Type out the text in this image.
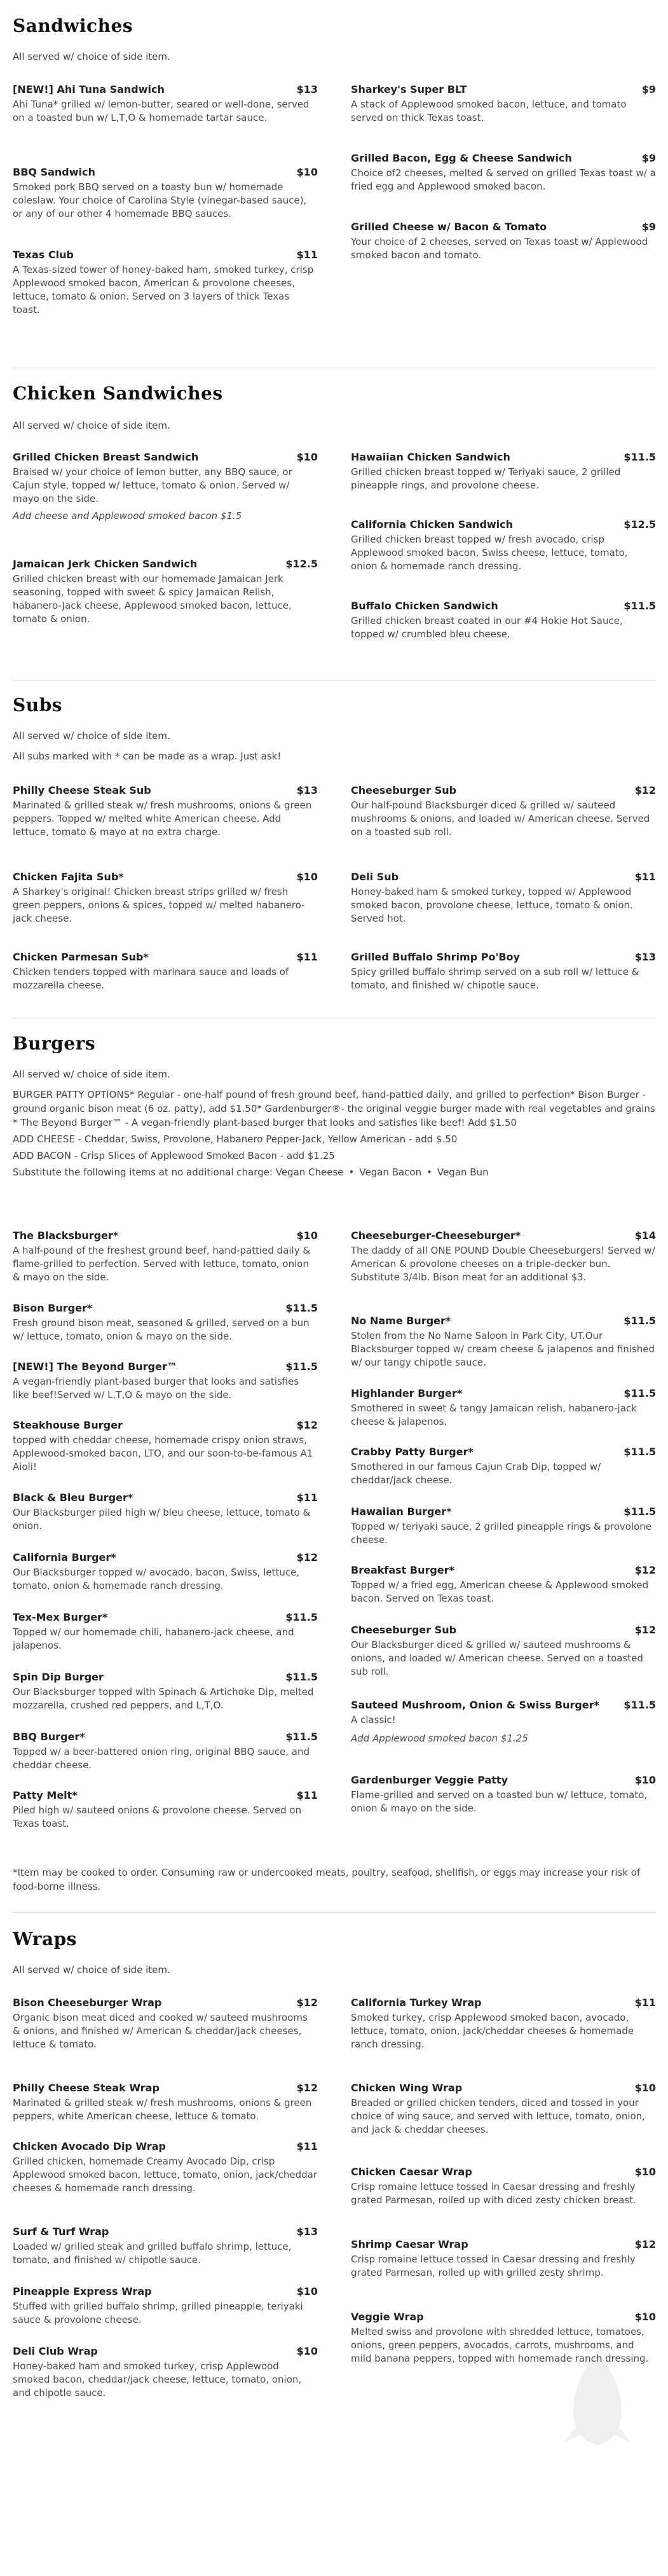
Sandwiches

All served w/ choice of side item.

[NEW!] Ahi Tuna Sandwich	$13

Ahi Tuna* grilled w/ lemon-butter, seared or well-done, served on a toasted bun w/ L,T,O & homemade tartar sauce.

BBQ Sandwich	$10

Smoked pork BBQ served on a toasty bun w/ homemade coleslaw. Your choice of Carolina Style (vinegar-based sauce), or any of our other 4 homemade BBQ sauces.

Texas Club	$11

A Texas-sized tower of honey-baked ham, smoked turkey, crisp Applewood smoked bacon, American & provolone cheeses, lettuce, tomato & onion. Served on 3 layers of thick Texas toast.

Sharkey's Super BLT	$9

A stack of Applewood smoked bacon, lettuce, and tomato served on thick Texas toast.

Grilled Bacon, Egg & Cheese Sandwich	$9

Choice of2 cheeses, melted & served on grilled Texas toast w/ a fried egg and Applewood smoked bacon.

Grilled Cheese w/ Bacon & Tomato	$9

Your choice of 2 cheeses, served on Texas toast w/ Applewood smoked bacon and tomato.

Chicken Sandwiches

All served w/ choice of side item.

Grilled Chicken Breast Sandwich	$10

Braised w/ your choice of lemon butter, any BBQ sauce, or Cajun style, topped w/ lettuce, tomato & onion. Served w/ mayo on the side.

Add cheese and Applewood smoked bacon $1.5

Jamaican Jerk Chicken Sandwich	$12.5

Grilled chicken breast with our homemade Jamaican Jerk seasoning, topped with sweet & spicy Jamaican Relish, habanero-Jack cheese, Applewood smoked bacon, lettuce, tomato & onion.

Hawaiian Chicken Sandwich	$11.5

Grilled chicken breast topped w/ Teriyaki sauce, 2 grilled pineapple rings, and provolone cheese.

California Chicken Sandwich	$12.5

Grilled chicken breast topped w/ fresh avocado, crisp Applewood smoked bacon, Swiss cheese, lettuce, tomato, onion & homemade ranch dressing.

Buffalo Chicken Sandwich	$11.5

Grilled chicken breast coated in our #4 Hokie Hot Sauce, topped w/ crumbled bleu cheese.

Subs

All served w/ choice of side item.

All subs marked with * can be made as a wrap. Just ask!

Philly Cheese Steak Sub	$13

Marinated & grilled steak w/ fresh mushrooms, onions & green peppers. Topped w/ melted white American cheese. Add lettuce, tomato & mayo at no extra charge.

Chicken Fajita Sub*	$10

A Sharkey's original! Chicken breast strips grilled w/ fresh green peppers, onions & spices, topped w/ melted habanero-jack cheese.

Chicken Parmesan Sub*	$11

Chicken tenders topped with marinara sauce and loads of mozzarella cheese.

Cheeseburger Sub	$12

Our half-pound Blacksburger diced & grilled w/ sauteed mushrooms & onions, and loaded w/ American cheese. Served on a toasted sub roll.

Deli Sub	$11

Honey-baked ham & smoked turkey, topped w/ Applewood smoked bacon, provolone cheese, lettuce, tomato & onion. Served hot.

Grilled Buffalo Shrimp Po'Boy	$13

Spicy grilled buffalo shrimp served on a sub roll w/ lettuce & tomato, and finished w/ chipotle sauce.

Burgers

All served w/ choice of side item.

BURGER PATTY OPTIONS* Regular - one-half pound of fresh ground beef, hand-pattied daily, and grilled to perfection* Bison Burger - ground organic bison meat (6 oz. patty), add $1.50* Gardenburger®- the original veggie burger made with real vegetables and grains * The Beyond Burger™ - A vegan-friendly plant-based burger that looks and satisfies like beef! Add $1.50

ADD CHEESE - Cheddar, Swiss, Provolone, Habanero Pepper-Jack, Yellow American - add $.50

ADD BACON - Crisp Slices of Applewood Smoked Bacon - add $1.25

Substitute the following items at no additional charge: Vegan Cheese • Vegan Bacon • Vegan Bun
The Blacksburger*	$10

A half-pound of the freshest ground beef, hand-pattied daily & flame-grilled to perfection. Served with lettuce, tomato, onion & mayo on the side.

Bison Burger*	$11.5

Fresh ground bison meat, seasoned & grilled, served on a bun w/ lettuce, tomato, onion & mayo on the side.

[NEW!] The Beyond Burger™	$11.5

A vegan-friendly plant-based burger that looks and satisfies like beef!Served w/ L,T,O & mayo on the side.

Steakhouse Burger	$12

topped with cheddar cheese, homemade crispy onion straws, Applewood-smoked bacon, LTO, and our soon-to-be-famous A1 Aioli!

Black & Bleu Burger*	$11

Our Blacksburger piled high w/ bleu cheese, lettuce, tomato & onion.

California Burger*	$12

Our Blacksburger topped w/ avocado, bacon, Swiss, lettuce, tomato, onion & homemade ranch dressing.

Tex-Mex Burger*	$11.5

Topped w/ our homemade chili, habanero-jack cheese, and jalapenos.

Spin Dip Burger	$11.5

Our Blacksburger topped with Spinach & Artichoke Dip, melted mozzarella, crushed red peppers, and L,T,O.

BBQ Burger*	$11.5

Topped w/ a beer-battered onion ring, original BBQ sauce, and cheddar cheese.

Patty Melt*	$11

Piled high w/ sauteed onions & provolone cheese. Served on Texas toast.

Cheeseburger-Cheeseburger*	$14

The daddy of all ONE POUND Double Cheeseburgers! Served w/ American & provolone cheeses on a triple-decker bun. Substitute 3/4lb. Bison meat for an additional $3.

No Name Burger*	$11.5

Stolen from the No Name Saloon in Park City, UT.Our Blacksburger topped w/ cream cheese & jalapenos and finished w/ our tangy chipotle sauce.

Highlander Burger*	$11.5

Smothered in sweet & tangy Jamaican relish, habanero-jack cheese & jalapenos.

Crabby Patty Burger*	$11.5

Smothered in our famous Cajun Crab Dip, topped w/ cheddar/jack cheese.

Hawaiian Burger*	$11.5

Topped w/ teriyaki sauce, 2 grilled pineapple rings & provolone cheese.

Breakfast Burger*	$12

Topped w/ a fried egg, American cheese & Applewood smoked bacon. Served on Texas toast.

Cheeseburger Sub	$12

Our Blacksburger diced & grilled w/ sauteed mushrooms & onions, and loaded w/ American cheese. Served on a toasted sub roll.

Sauteed Mushroom, Onion & Swiss Burger* $11.5

A classic!

Add Applewood smoked bacon $1.25

Gardenburger Veggie Patty	$10

Flame-grilled and served on a toasted bun w/ lettuce, tomato, onion & mayo on the side.

*Item may be cooked to order. Consuming raw or undercooked meats, poultry, seafood, shellfish, or eggs may increase your risk of food-borne illness.

Wraps

All served w/ choice of side item.

Bison Cheeseburger Wrap	$12

Organic bison meat diced and cooked w/ sauteed mushrooms & onions, and finished w/ American & cheddar/jack cheeses, lettuce & tomato.

Philly Cheese Steak Wrap	$12

Marinated & grilled steak w/ fresh mushrooms, onions & green peppers, white American cheese, lettuce & tomato.

Chicken Avocado Dip Wrap	$11

Grilled chicken, homemade Creamy Avocado Dip, crisp Applewood smoked bacon, lettuce, tomato, onion, jack/cheddar cheeses & homemade ranch dressing.

Surf & Turf Wrap	$13

Loaded w/ grilled steak and grilled buffalo shrimp, lettuce, tomato, and finished w/ chipotle sauce.

Pineapple Express Wrap	$10

Stuffed with grilled buffalo shrimp, grilled pineapple, teriyaki sauce & provolone cheese.

Deli Club Wrap	$10

Honey-baked ham and smoked turkey, crisp Applewood smoked bacon, cheddar/jack cheese, lettuce, tomato, onion, and chipotle sauce.

California Turkey Wrap	$11

Smoked turkey, crisp Applewood smoked bacon, avocado, lettuce, tomato, onion, jack/cheddar cheeses & homemade ranch dressing.

Chicken Wing Wrap	$10

Breaded or grilled chicken tenders, diced and tossed in your choice of wing sauce, and served with lettuce, tomato, onion, and jack & cheddar cheeses.

Chicken Caesar Wrap	$10

Crisp romaine lettuce tossed in Caesar dressing and freshly grated Parmesan, rolled up with diced zesty chicken breast.

Shrimp Caesar Wrap	$12

Crisp romaine lettuce tossed in Caesar dressing and freshly grated Parmesan, rolled up with grilled zesty shrimp.

Veggie Wrap	$10

Melted swiss and provolone with shredded lettuce, tomatoes, onions, green peppers, avocados, carrots, mushrooms, and mild banana peppers, topped with homemade ranch dressing.
